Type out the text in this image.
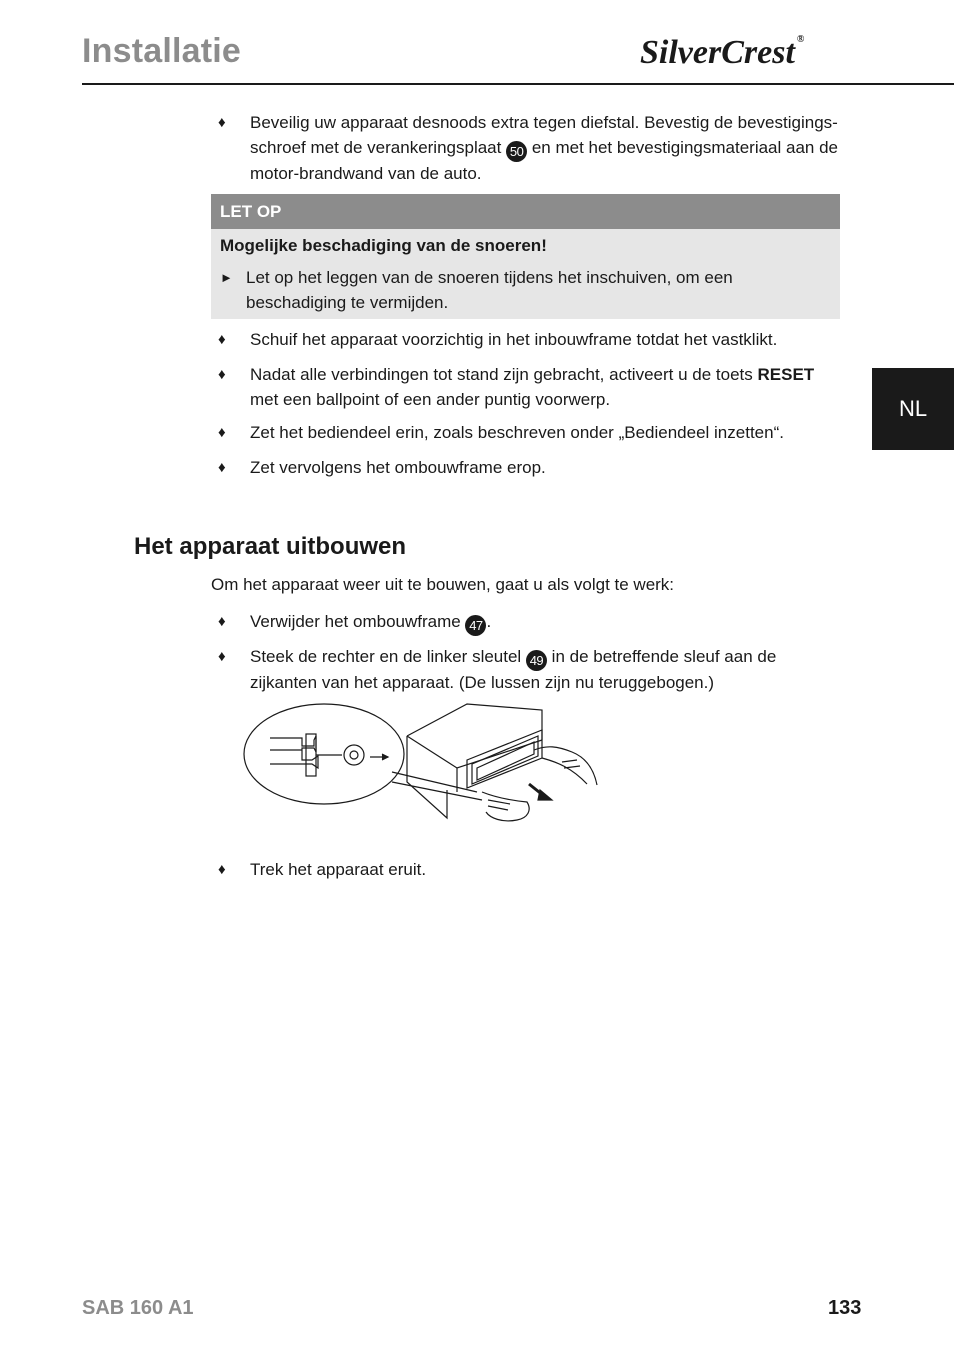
Installatie	SilverCrest ®
NL
♦ Beveilig uw apparaat desnoods extra tegen diefstal. Bevestig de bevestigings-schroef met de verankeringsplaat 50 en met het bevestigingsmateriaal aan de motor-brandwand van de auto.
LET OP
Mogelijke beschadiging van de snoeren!
► Let op het leggen van de snoeren tijdens het inschuiven, om een beschadiging te vermijden.
♦ Schuif het apparaat voorzichtig in het inbouwframe totdat het vastklikt.
♦ Nadat alle verbindingen tot stand zijn gebracht, activeert u de toets RESET met een ballpoint of een ander puntig voorwerp.
♦ Zet het bediendeel erin, zoals beschreven onder „Bediendeel inzetten“.
♦ Zet vervolgens het ombouwframe erop.
Het apparaat uitbouwen
Om het apparaat weer uit te bouwen, gaat u als volgt te werk:
♦ Verwijder het ombouwframe 47 .
♦ Steek de rechter en de linker sleutel 49 in de betreffende sleuf aan de zijkanten van het apparaat. (De lussen zijn nu teruggebogen.)
♦ Trek het apparaat eruit.
SAB 160 A1	133
